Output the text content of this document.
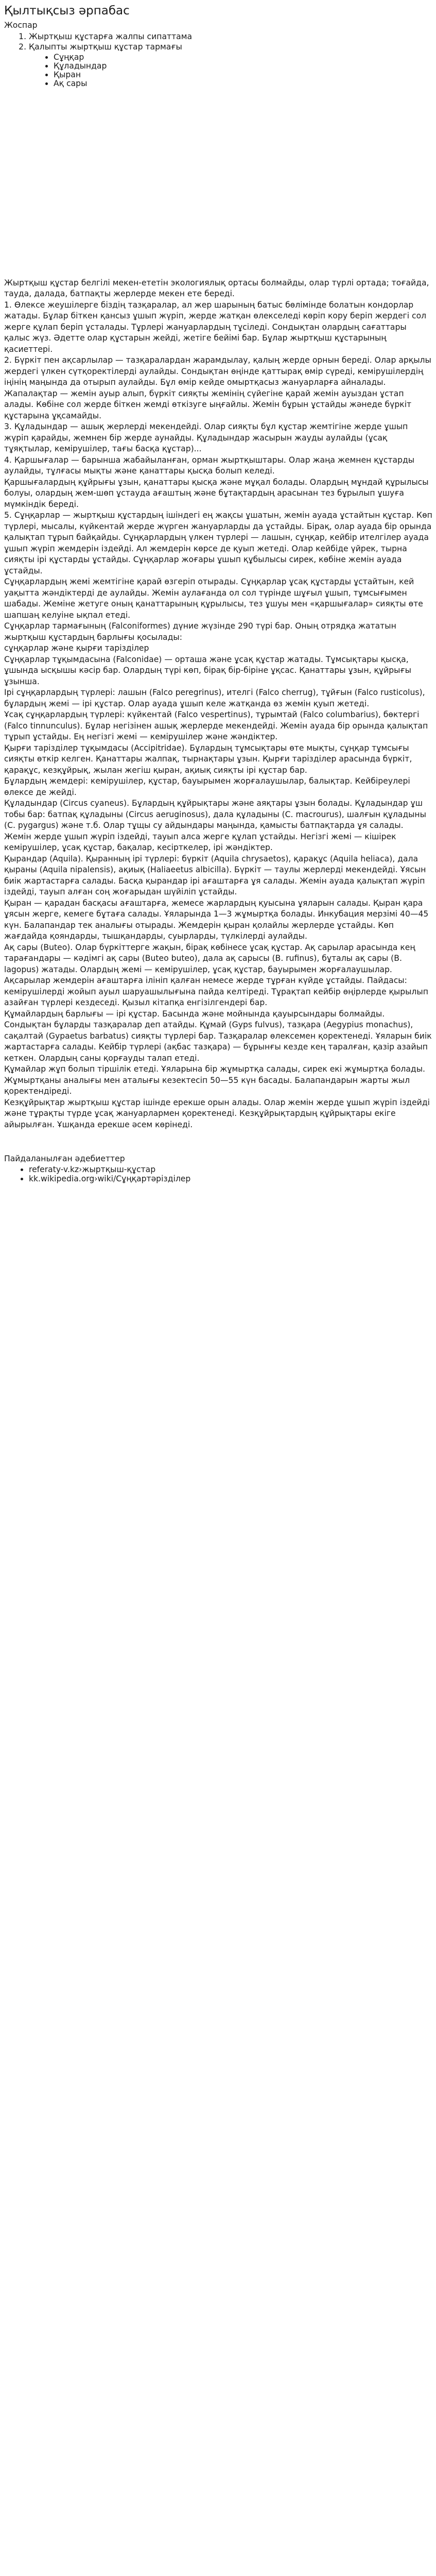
Қылтықсыз әрпабас
Жоспар
1. Жыртқыш құстарға жалпы сипаттама
2. Қалыпты жыртқыш құстар тармағы
• Сұңқар
• Құладындар
• Қыран
• Ақ сары

Жыртқыш құстар белгілі мекен-ететін экологиялық ортасы болмайды, олар түрлі ортада; тоғайда, тауда, далада, батпақты жерлерде мекен ете береді.

1. Өлексе жеушілерге біздің тазқаралар, ал жер шарының батыс бөлімінде болатын кондорлар жатады. Бұлар біткен қансыз ұшып жүріп, жерде жатқан өлекселеді көріп кору беріп жердегі сол жерге құлап беріп ұсталады. Тұрлері жануарлардың тұсіледі. Сондықтан олардың сағаттары қалыс жүз. Әдетте олар құстарын жейді, жетіге бейімі бар. Бұлар жыртқыш құстарының қасиеттері.

2. Бүркіт пен ақсарлылар — тазқаралардан жарамдылау, қалың жерде орнын береді. Олар арқылы жердегі үлкен сүтқоректілерді аулайды. Сондықтан өңінде қаттырақ өмір сүреді, кемірушілердің іңінің маңында да отырып аулайды. Бұл өмір кейде омыртқасыз жануарларға айналады.

Жапалақтар — жемін ауыр алып, бүркіт сияқты жемінің сүйегіне қарай жемін ауыздан ұстап алады. Көбіне сол жерде біткен жемді өткізуге ыңғайлы. Жемін бұрын ұстайды жәнеде бүркіт құстарына ұқсамайды.

3. Құладындар — ашық жерлерді мекендейді. Олар сияқты бұл құстар жемтігіне жерде ұшып жүріп қарайды, жемнен бір жерде аунайды. Құладындар жасырын жауды аулайды (ұсақ тұяқтылар, кемірушілер, тағы басқа құстар)...

4. Қаршығалар — барынша жабайыланған, орман жыртқыштары. Олар жаңа жемнен құстарды аулайды, тұлғасы мықты және қанаттары қысқа болып келеді.

Қаршығалардың құйрығы ұзын, қанаттары қысқа және мұқал болады. Олардың мұндай құрылысы болуы, олардың жем-шөп ұстауда ағаштың және бұтақтардың арасынан тез бұрылып ұшуға мүмкіндік береді.

5. Сұңқарлар — жыртқыш құстардың ішіндегі ең жақсы ұшатын, жемін ауада ұстайтын құстар. Көп түрлері, мысалы, күйкентай жерде жүрген жануарларды да ұстайды. Бірақ, олар ауада бір орында қалықтап тұрып байқайды. Сұңқарлардың үлкен түрлері — лашын, сұңқар, кейбір ителгілер ауада ұшып жүріп жемдерін іздейді. Ал жемдерін көрсе де қуып жетеді. Олар кейбіде үйрек, тырна сияқты ірі құстарды ұстайды. Сұңқарлар жоғары ұшып құбылысы сирек, көбіне жемін ауада ұстайды.

Сұңқарлардың жемі жемтігіне қарай өзгеріп отырады. Сұңқарлар ұсақ құстарды ұстайтын, кей уақытта жәндіктерді де аулайды. Жемін аулағанда ол сол түрінде шұғыл ұшып, тұмсығымен шабады. Жеміне жетуге оның қанаттарының құрылысы, тез ұшуы мен «қаршығалар» сияқты өте шапшаң келуіне ықпал етеді.

Сұңқарлар тармағының (Falconiformes) дүние жүзінде 290 түрі бар. Оның отрядқа жататын жыртқыш құстардың барлығы қосылады:

сұңқарлар және қырғи тарізділер

Сұңқарлар тұқымдасына (Falconidae) — орташа және ұсақ құстар жатады. Тұмсықтары қысқа, ұшында ысқышы кәсір бар. Олардың түрі көп, бірақ бір-біріне ұқсас. Қанаттары ұзын, құйрығы ұзынша.

Ірі сұңқарлардың түрлері: лашын (Falco peregrinus), ителгі (Falco cherrug), тұйғын (Falco rusticolus), бұлардың жемі — ірі құстар. Олар ауада ұшып келе жатқанда өз жемін қуып жетеді.

Ұсақ сұңқарлардың түрлері: күйкентай (Falco vespertinus), тұрымтай (Falco columbarius), бөктергі (Falco tinnunculus). Бұлар негізінен ашық жерлерде мекендейді. Жемін ауада бір орында қалықтап тұрып ұстайды. Ең негізгі жемі — кемірушілер және жәндіктер.

Қырғи тарізділер тұқымдасы (Accipitridae). Бұлардың тұмсықтары өте мықты, сұңқар тұмсығы сияқты өткір келген. Қанаттары жалпақ, тырнақтары ұзын. Қырғи тарізділер арасында бүркіт, қарақұс, кезқұйрық, жылан жегіш қыран, ақиық сияқты ірі құстар бар.

Бұлардың жемдері: кемірушілер, құстар, бауырымен жорғалаушылар, балықтар. Кейбіреулері өлексе де жейді.

Құладындар (Circus cyaneus). Бұлардың құйрықтары және аяқтары ұзын болады. Құладындар ұш тобы бар: батпақ құладыны (Circus aeruginosus), дала құладыны (C. macrourus), шалғын құладыны (C. pygargus) және т.б. Олар тұщы су айдындары маңында, қамысты батпақтарда ұя салады.

Жемін жерде ұшып жүріп іздейді, тауып алса жерге құлап ұстайды. Негізгі жемі — кішірек кемірушілер, ұсақ құстар, бақалар, кесірткелер, ірі жәндіктер.

Қырандар (Aquila). Қыранның ірі түрлері: бүркіт (Aquila chrysaetos), қарақұс (Aquila heliaca), дала қыраны (Aquila nipalensis), ақиық (Haliaeetus albicilla). Бүркіт — таулы жерлерді мекендейді. Ұясын биік жартастарға салады. Басқа қырандар ірі ағаштарға ұя салады. Жемін ауада қалықтап жүріп іздейді, тауып алған соң жоғарыдан шүйіліп ұстайды.

Қыран — қарадан басқасы ағаштарға, жемесе жарлардың қуысына ұяларын салады. Қыран қара ұясын жерге, кемеге бұтаға салады. Ұяларында 1—3 жұмыртқа болады. Инкубация мерзімі 40—45 күн. Балапандар тек аналығы отырады. Жемдерін қыран қолайлы жерлерде ұстайды. Көп жағдайда қояндарды, тышқандарды, суырларды, түлкілерді аулайды.

Ақ сары (Buteo). Олар бүркіттерге жақын, бірақ көбінесе ұсақ құстар. Ақ сарылар арасында кең тарағандары — кәдімгі ақ сары (Buteo buteo), дала ақ сарысы (B. rufinus), бұталы ақ сары (B. lagopus) жатады. Олардың жемі — кемірушілер, ұсақ құстар, бауырымен жорғалаушылар.

Ақсарылар жемдерін ағаштарға ілініп қалған немесе жерде тұрған күйде ұстайды. Пайдасы: кемірушілерді жойып ауыл шаруашылығына пайда келтіреді. Тұрақтап кейбір өңірлерде қырылып азайған түрлері кездеседі. Қызыл кітапқа енгізілгендері бар.

Құмайлардың барлығы — ірі құстар. Басында және мойнында қауырсындары болмайды. Сондықтан бұларды тазқаралар деп атайды. Құмай (Gyps fulvus), тазқара (Aegypius monachus), сақалтай (Gypaetus barbatus) сияқты түрлері бар. Тазқаралар өлексемен қоректенеді. Ұяларын биік жартастарға салады. Кейбір түрлері (ақбас тазқара) — бұрынғы кезде кең таралған, қазір азайып кеткен. Олардың саны қорғауды талап етеді.

Құмайлар жұп болып тіршілік етеді. Ұяларына бір жұмыртқа салады, сирек екі жұмыртқа болады. Жұмыртқаны аналығы мен аталығы кезектесіп 50—55 күн басады. Балапандарын жарты жыл қоректендіреді.

Кезқұйрықтар жыртқыш құстар ішінде ерекше орын алады. Олар жемін жерде ұшып жүріп іздейді және тұрақты түрде ұсақ жануарлармен қоректенеді. Кезқұйрықтардың құйрықтары екіге айырылған. Ұшқанда ерекше әсем көрінеді.

Пайдаланылған әдебиеттер
• referaty-v.kz›жыртқыш-құстар
• kk.wikipedia.org›wiki/Сұңқартәрізділер
